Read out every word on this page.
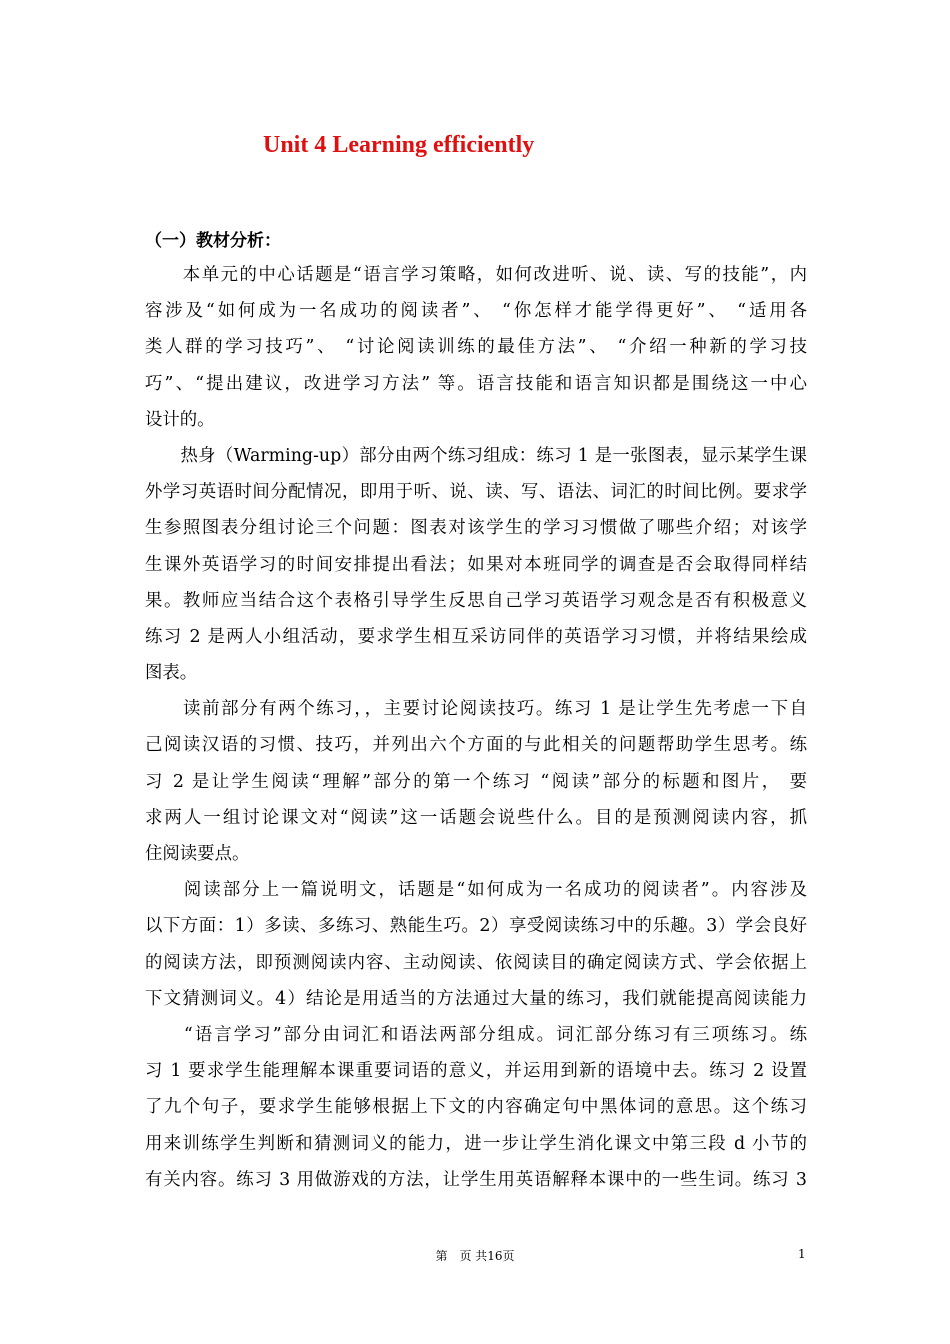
Unit 4 Learning efficiently
（一）教材分析：
　　本单元的中心话题是“语言学习策略，如何改进听、说、读、写的技能”，内
容涉及“如何成为一名成功的阅读者”、 “你怎样才能学得更好”、 “适用各
类人群的学习技巧”、 “讨论阅读训练的最佳方法”、 “介绍一种新的学习技
巧”、“提出建议，改进学习方法” 等。语言技能和语言知识都是围绕这一中心
设计的。
　　热身（Warming-up）部分由两个练习组成：练习 1 是一张图表，显示某学生课
外学习英语时间分配情况，即用于听、说、读、写、语法、词汇的时间比例。要求学
生参照图表分组讨论三个问题：图表对该学生的学习习惯做了哪些介绍；对该学
生课外英语学习的时间安排提出看法；如果对本班同学的调查是否会取得同样结
果。教师应当结合这个表格引导学生反思自己学习英语学习观念是否有积极意义
练习 2 是两人小组活动，要求学生相互采访同伴的英语学习习惯，并将结果绘成
图表。
　　读前部分有两个练习，，主要讨论阅读技巧。练习 1 是让学生先考虑一下自
己阅读汉语的习惯、技巧，并列出六个方面的与此相关的问题帮助学生思考。练
习 2 是让学生阅读“理解”部分的第一个练习 “阅读”部分的标题和图片， 要
求两人一组讨论课文对“阅读”这一话题会说些什么。目的是预测阅读内容，抓
住阅读要点。
　　阅读部分上一篇说明文，话题是“如何成为一名成功的阅读者”。内容涉及
以下方面：1）多读、多练习、熟能生巧。2）享受阅读练习中的乐趣。3）学会良好
的阅读方法，即预测阅读内容、主动阅读、依阅读目的确定阅读方式、学会依据上
下文猜测词义。4）结论是用适当的方法通过大量的练习，我们就能提高阅读能力
　　“语言学习”部分由词汇和语法两部分组成。词汇部分练习有三项练习。练
习 1 要求学生能理解本课重要词语的意义，并运用到新的语境中去。练习 2 设置
了九个句子，要求学生能够根据上下文的内容确定句中黑体词的意思。这个练习
用来训练学生判断和猜测词义的能力，进一步让学生消化课文中第三段 d 小节的
有关内容。练习 3 用做游戏的方法，让学生用英语解释本课中的一些生词。练习 3
第　页 共16页	1
